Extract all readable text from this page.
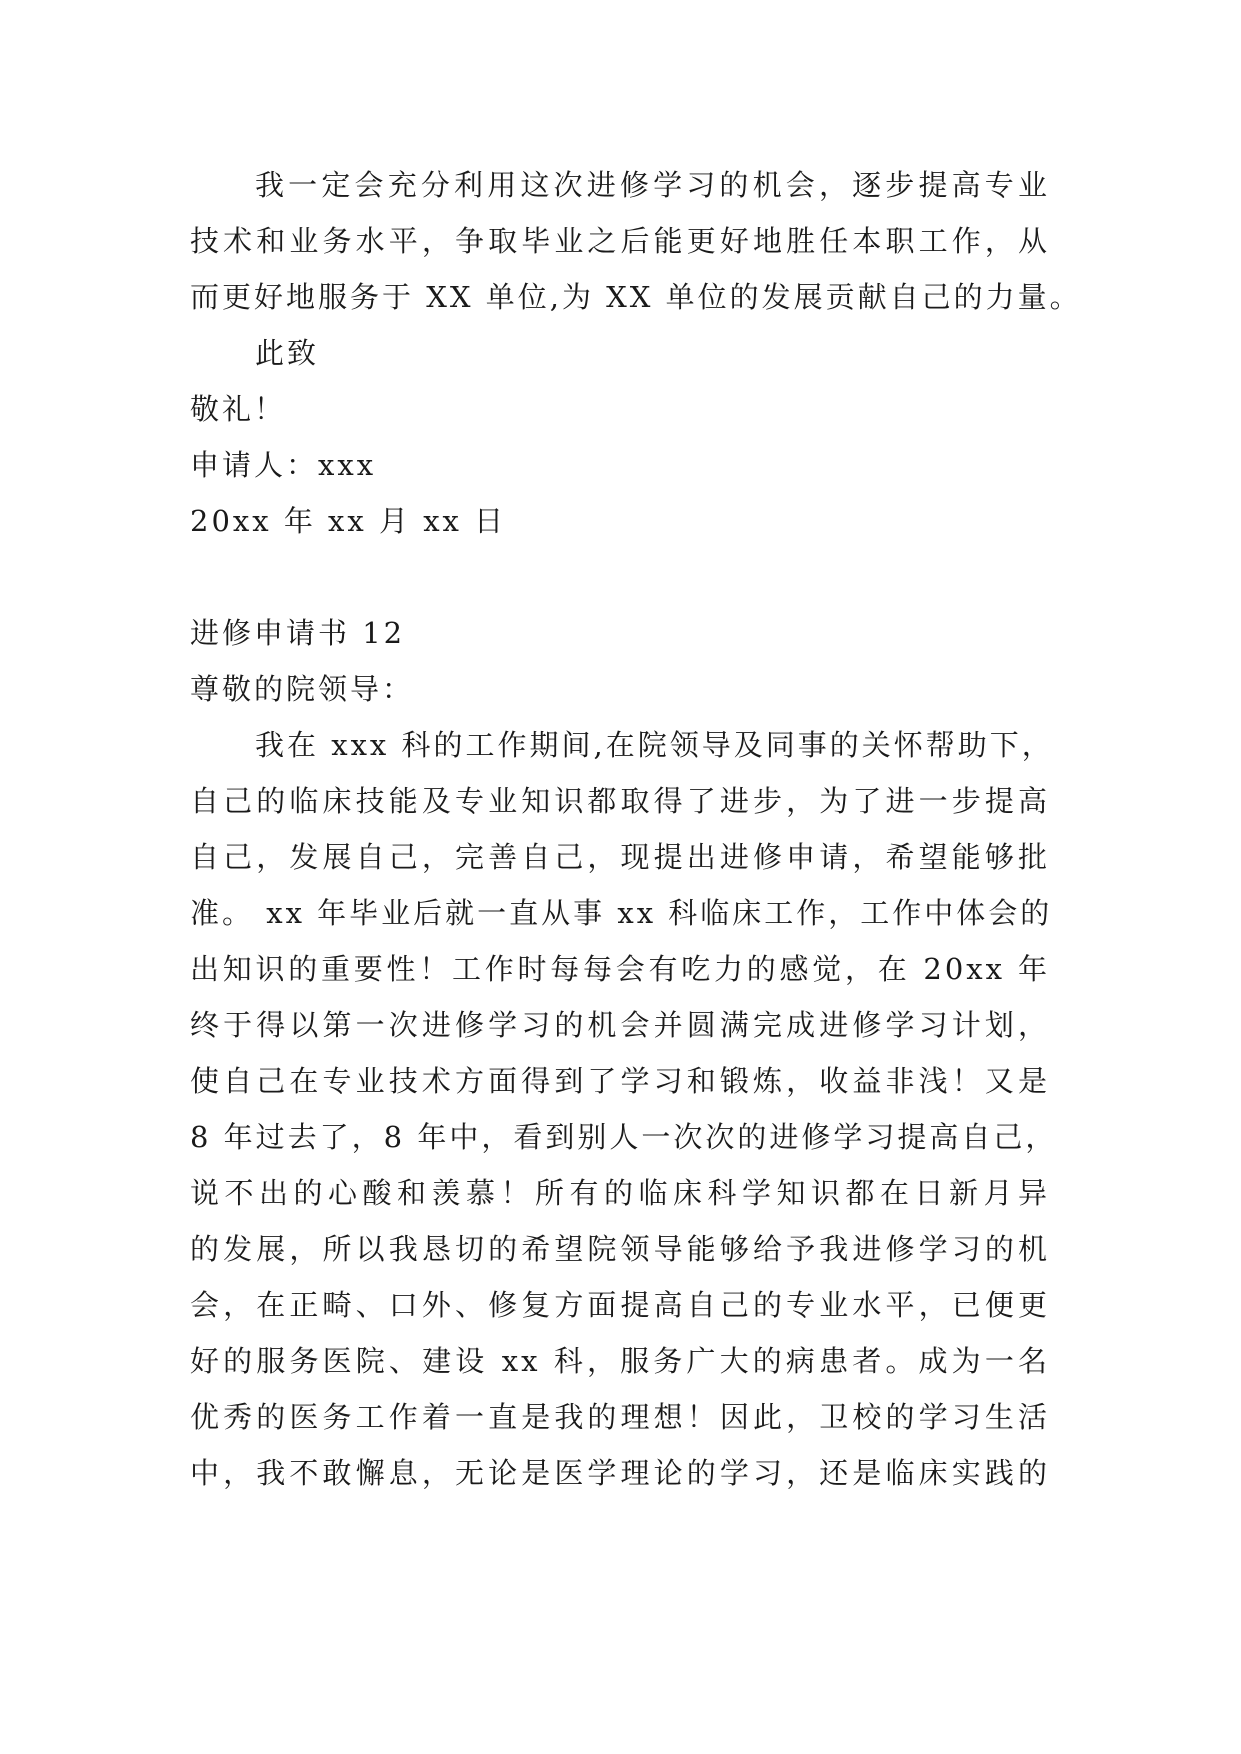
我一定会充分利用这次进修学习的机会，逐步提高专业
技术和业务水平，争取毕业之后能更好地胜任本职工作，从
而更好地服务于 XX 单位,为 XX 单位的发展贡献自己的力量。
此致
敬礼！
申请人：xxx
20xx 年 xx 月 xx 日
进修申请书 12
尊敬的院领导：
我在 xxx 科的工作期间,在院领导及同事的关怀帮助下，
自己的临床技能及专业知识都取得了进步，为了进一步提高
自己，发展自己，完善自己，现提出进修申请，希望能够批
准。 xx 年毕业后就一直从事 xx 科临床工作，工作中体会的
出知识的重要性！工作时每每会有吃力的感觉，在 20xx 年
终于得以第一次进修学习的机会并圆满完成进修学习计划，
使自己在专业技术方面得到了学习和锻炼，收益非浅！又是
8 年过去了，8 年中，看到别人一次次的进修学习提高自己，
说不出的心酸和羡慕！所有的临床科学知识都在日新月异
的发展，所以我恳切的希望院领导能够给予我进修学习的机
会，在正畸、口外、修复方面提高自己的专业水平，已便更
好的服务医院、建设 xx 科，服务广大的病患者。成为一名
优秀的医务工作着一直是我的理想！因此，卫校的学习生活
中，我不敢懈息，无论是医学理论的学习，还是临床实践的
